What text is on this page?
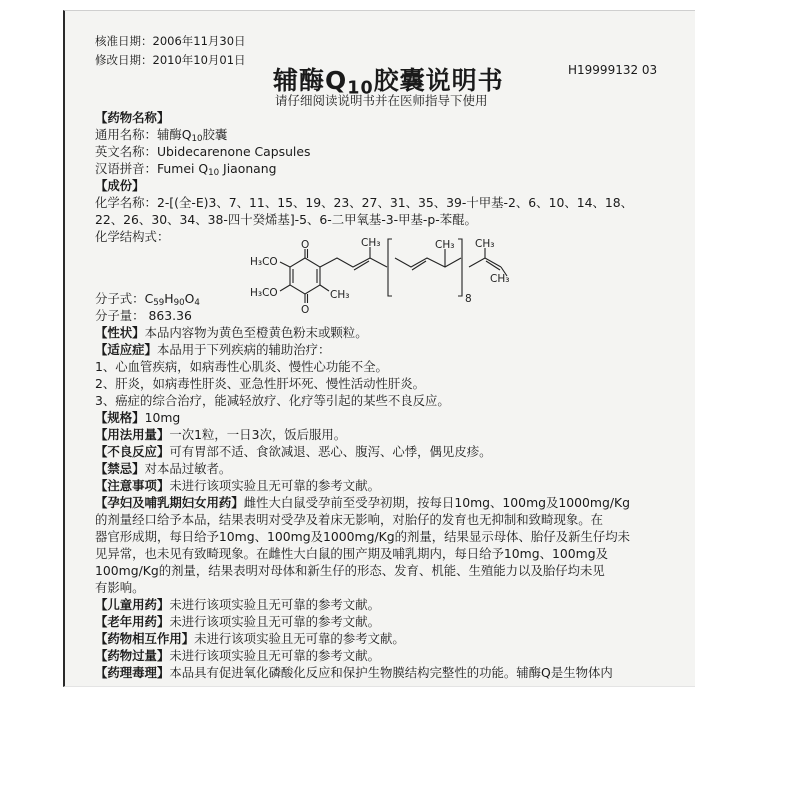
核准日期：2006年11月30日
修改日期：2010年10月01日
H19999132 03
辅酶$Q_{10}$胶囊说明书
请仔细阅读说明书并在医师指导下使用
【药物名称】
通用名称：辅酶$Q_{10}$胶囊
英文名称：Ubidecarenone Capsules
汉语拼音：Fumei $Q_{10}$ Jiaonang
【成份】
化学名称：2-[(全-E)3、7、11、15、19、23、27、31、35、39-十甲基-2、6、10、14、18、
22、26、30、34、38-四十癸烯基]-5、6-二甲氧基-3-甲基-p-苯醌。
化学结构式：
O
O
H₃CO
H₃CO	CH₃
CH₃	CH₃ CH₃
CH₃
8
分子式：$C_{59}H_{90}O_4$
分子量： 863.36
【性状】本品内容物为黄色至橙黄色粉末或颗粒。
【适应症】本品用于下列疾病的辅助治疗：
1、心血管疾病，如病毒性心肌炎、慢性心功能不全。
2、肝炎，如病毒性肝炎、亚急性肝坏死、慢性活动性肝炎。
3、癌症的综合治疗，能减轻放疗、化疗等引起的某些不良反应。
【规格】10mg
【用法用量】一次1粒，一日3次，饭后服用。
【不良反应】可有胃部不适、食欲减退、恶心、腹泻、心悸，偶见皮疹。
【禁忌】对本品过敏者。
【注意事项】未进行该项实验且无可靠的参考文献。
【孕妇及哺乳期妇女用药】雌性大白鼠受孕前至受孕初期，按每日10mg、100mg及1000mg/Kg
的剂量经口给予本品，结果表明对受孕及着床无影响，对胎仔的发育也无抑制和致畸现象。在
器官形成期，每日给予10mg、100mg及1000mg/Kg的剂量，结果显示母体、胎仔及新生仔均未
见异常，也未见有致畸现象。在雌性大白鼠的围产期及哺乳期内，每日给予10mg、100mg及
100mg/Kg的剂量，结果表明对母体和新生仔的形态、发育、机能、生殖能力以及胎仔均未见
有影响。
【儿童用药】未进行该项实验且无可靠的参考文献。
【老年用药】未进行该项实验且无可靠的参考文献。
【药物相互作用】未进行该项实验且无可靠的参考文献。
【药物过量】未进行该项实验且无可靠的参考文献。
【药理毒理】本品具有促进氧化磷酸化反应和保护生物膜结构完整性的功能。辅酶Q是生物体内
